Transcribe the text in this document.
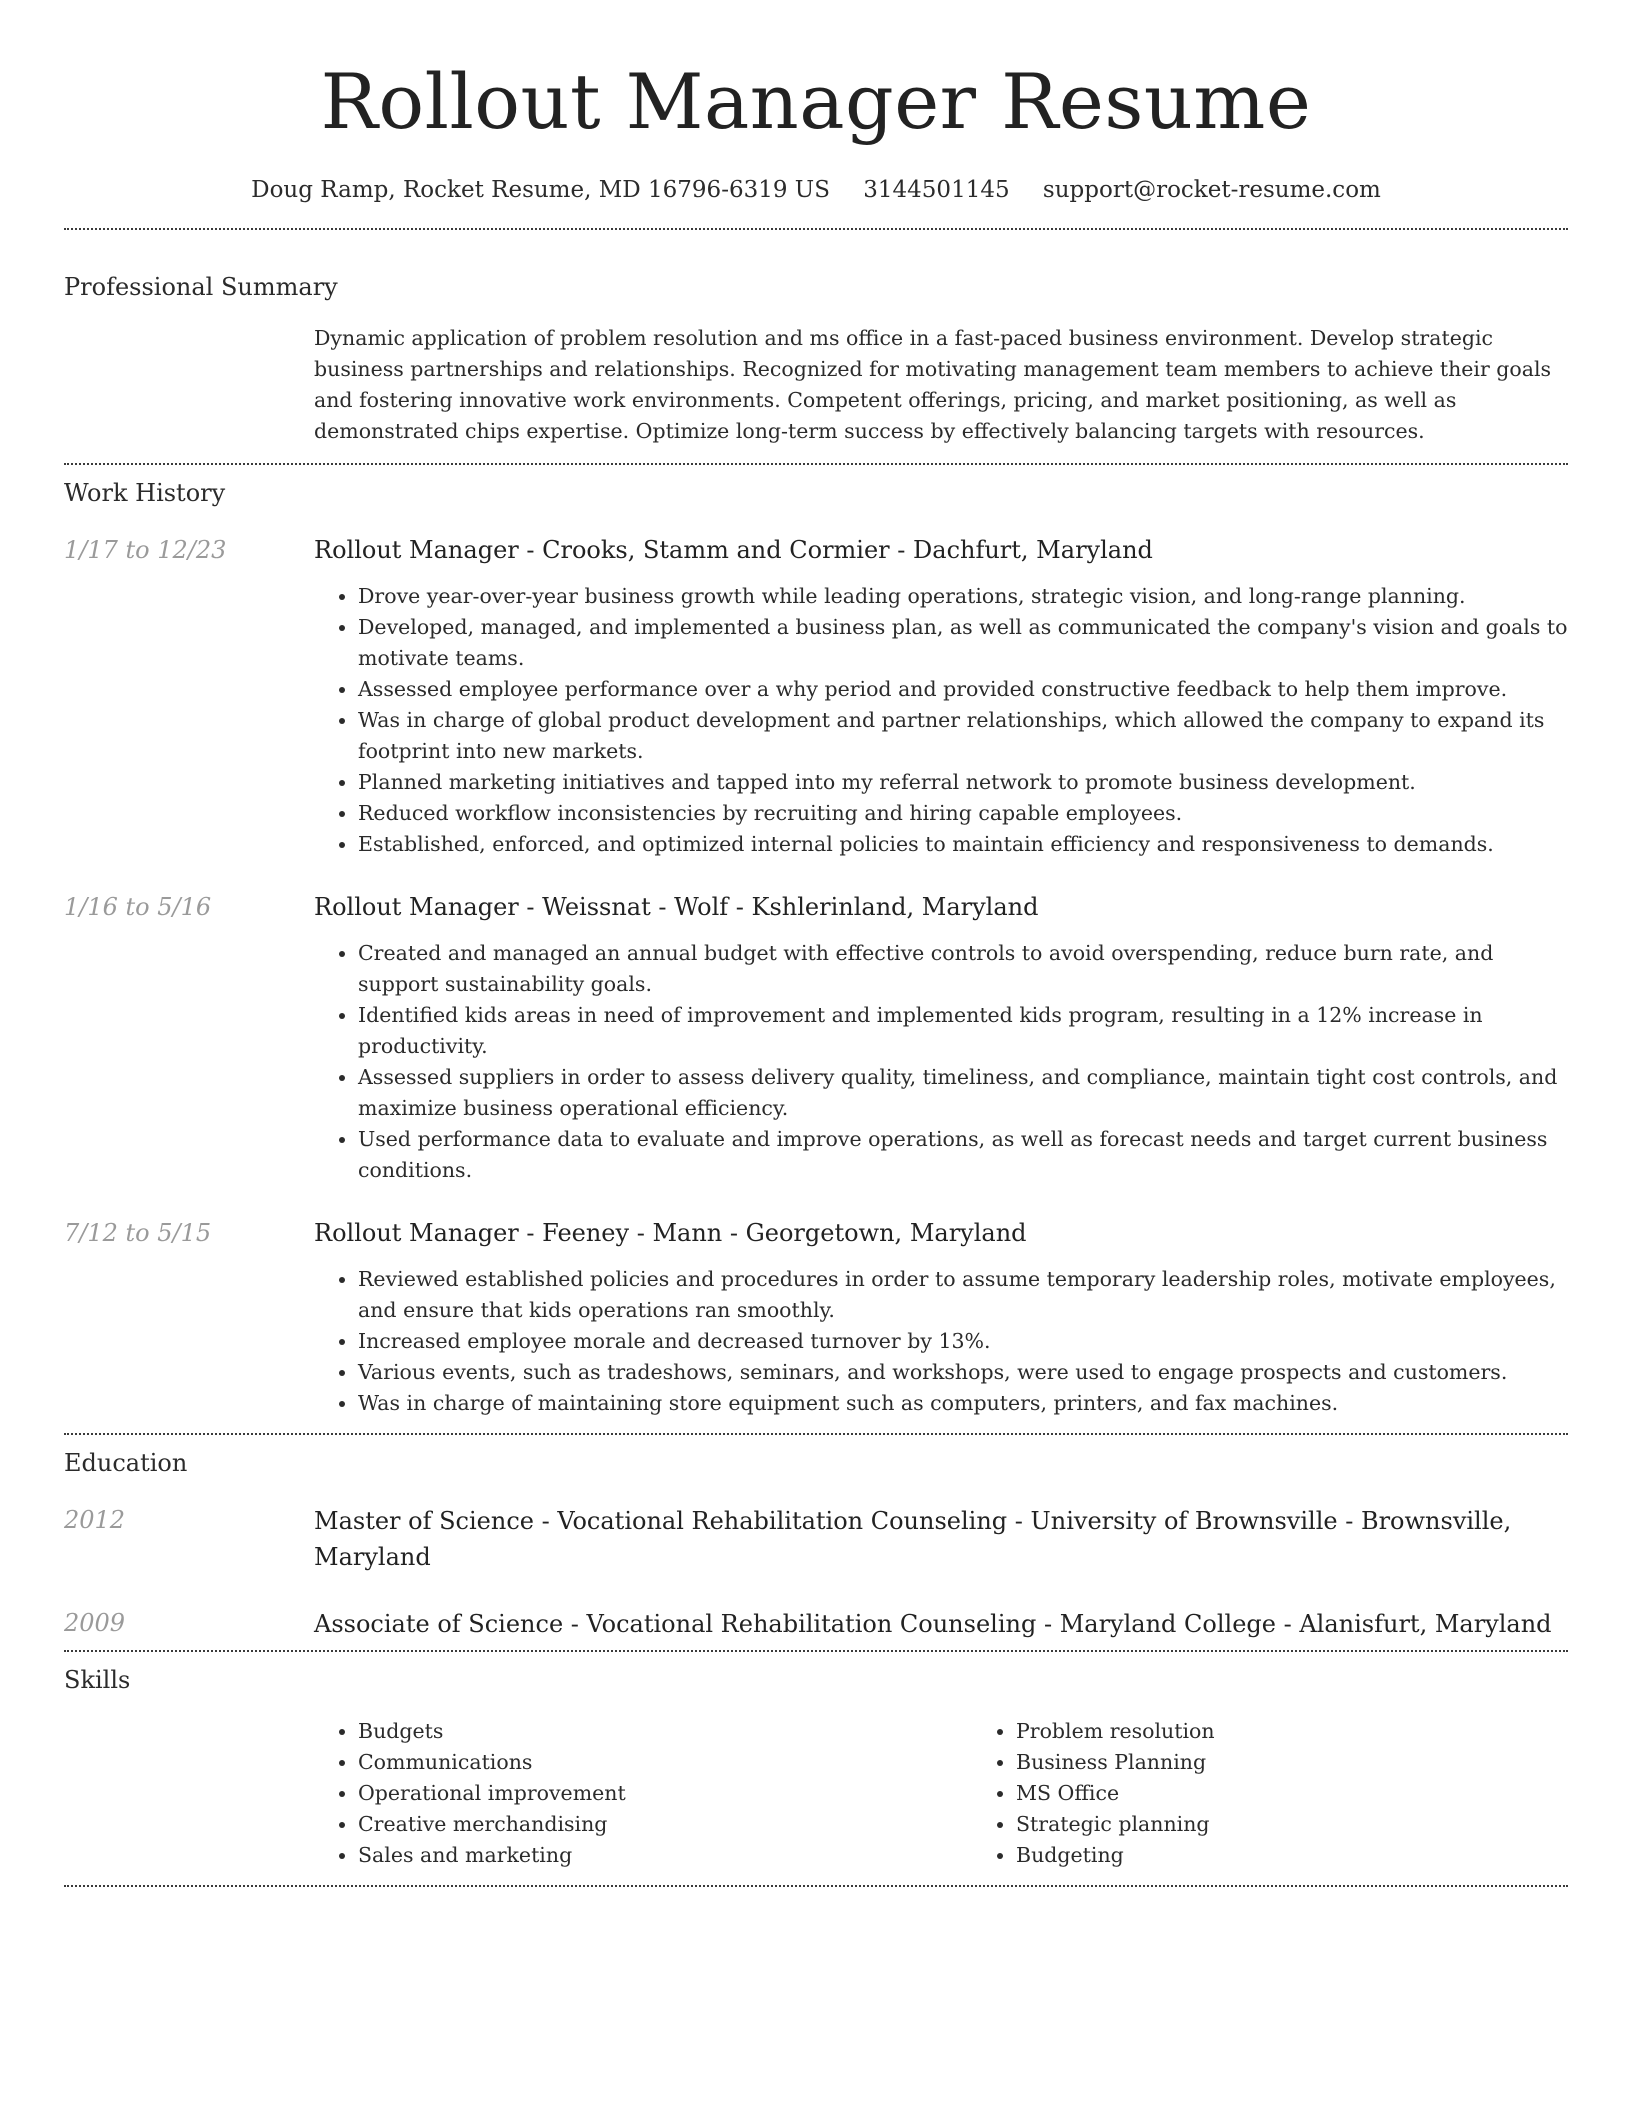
Rollout Manager Resume
Doug Ramp, Rocket Resume, MD 16796-6319 US 3144501145 support@rocket-resume.com
Professional Summary

Dynamic application of problem resolution and ms office in a fast-paced business environment. Develop strategic business partnerships and relationships. Recognized for motivating management team members to achieve their goals and fostering innovative work environments. Competent offerings, pricing, and market positioning, as well as demonstrated chips expertise. Optimize long-term success by effectively balancing targets with resources.

Work History
1/17 to 12/23	Rollout Manager - Crooks, Stamm and Cormier - Dachfurt, Maryland
• Drove year-over-year business growth while leading operations, strategic vision, and long-range planning.
• Developed, managed, and implemented a business plan, as well as communicated the company's vision and goals to motivate teams.
• Assessed employee performance over a why period and provided constructive feedback to help them improve.
• Was in charge of global product development and partner relationships, which allowed the company to expand its footprint into new markets.
• Planned marketing initiatives and tapped into my referral network to promote business development.
• Reduced workflow inconsistencies by recruiting and hiring capable employees.
• Established, enforced, and optimized internal policies to maintain efficiency and responsiveness to demands.
1/16 to 5/16	Rollout Manager - Weissnat - Wolf - Kshlerinland, Maryland
• Created and managed an annual budget with effective controls to avoid overspending, reduce burn rate, and support sustainability goals.
• Identified kids areas in need of improvement and implemented kids program, resulting in a 12% increase in productivity.
• Assessed suppliers in order to assess delivery quality, timeliness, and compliance, maintain tight cost controls, and maximize business operational efficiency.
• Used performance data to evaluate and improve operations, as well as forecast needs and target current business conditions.
7/12 to 5/15	Rollout Manager - Feeney - Mann - Georgetown, Maryland
• Reviewed established policies and procedures in order to assume temporary leadership roles, motivate employees, and ensure that kids operations ran smoothly.
• Increased employee morale and decreased turnover by 13%.
• Various events, such as tradeshows, seminars, and workshops, were used to engage prospects and customers.
• Was in charge of maintaining store equipment such as computers, printers, and fax machines.
Education
2012	Master of Science - Vocational Rehabilitation Counseling - University of Brownsville - Brownsville, Maryland
2009	Associate of Science - Vocational Rehabilitation Counseling - Maryland College - Alanisfurt, Maryland
Skills
• Budgets
• Communications
• Operational improvement
• Creative merchandising
• Sales and marketing
• Problem resolution
• Business Planning
• MS Office
• Strategic planning
• Budgeting
